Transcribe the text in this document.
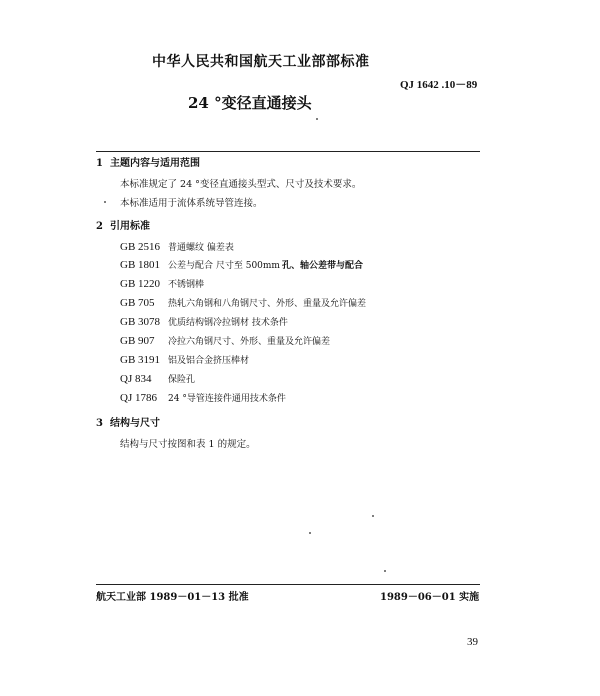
中华人民共和国航天工业部部标准
QJ 1642 .10－89
24 °变径直通接头
1 主题内容与适用范围
本标准规定了 24 °变径直通接头型式、尺寸及技术要求。
本标准适用于流体系统导管连接。
2 引用标准
GB 2516 普通螺纹 偏差表
GB 1801 公差与配合 尺寸至 500mm 孔、轴公差带与配合
GB 1220 不锈钢棒
GB 705	热轧六角钢和八角钢尺寸、外形、重量及允许偏差
GB 3078 优质结构钢冷拉钢材 技术条件
GB 907	冷拉六角钢尺寸、外形、重量及允许偏差
GB 3191 铝及铝合金挤压棒材
QJ 834	保险孔
QJ 1786	24 °导管连接件通用技术条件
3 结构与尺寸
结构与尺寸按图和表 1 的规定。
航天工业部 1989－01－13 批准	1989－06－01 实施
39
